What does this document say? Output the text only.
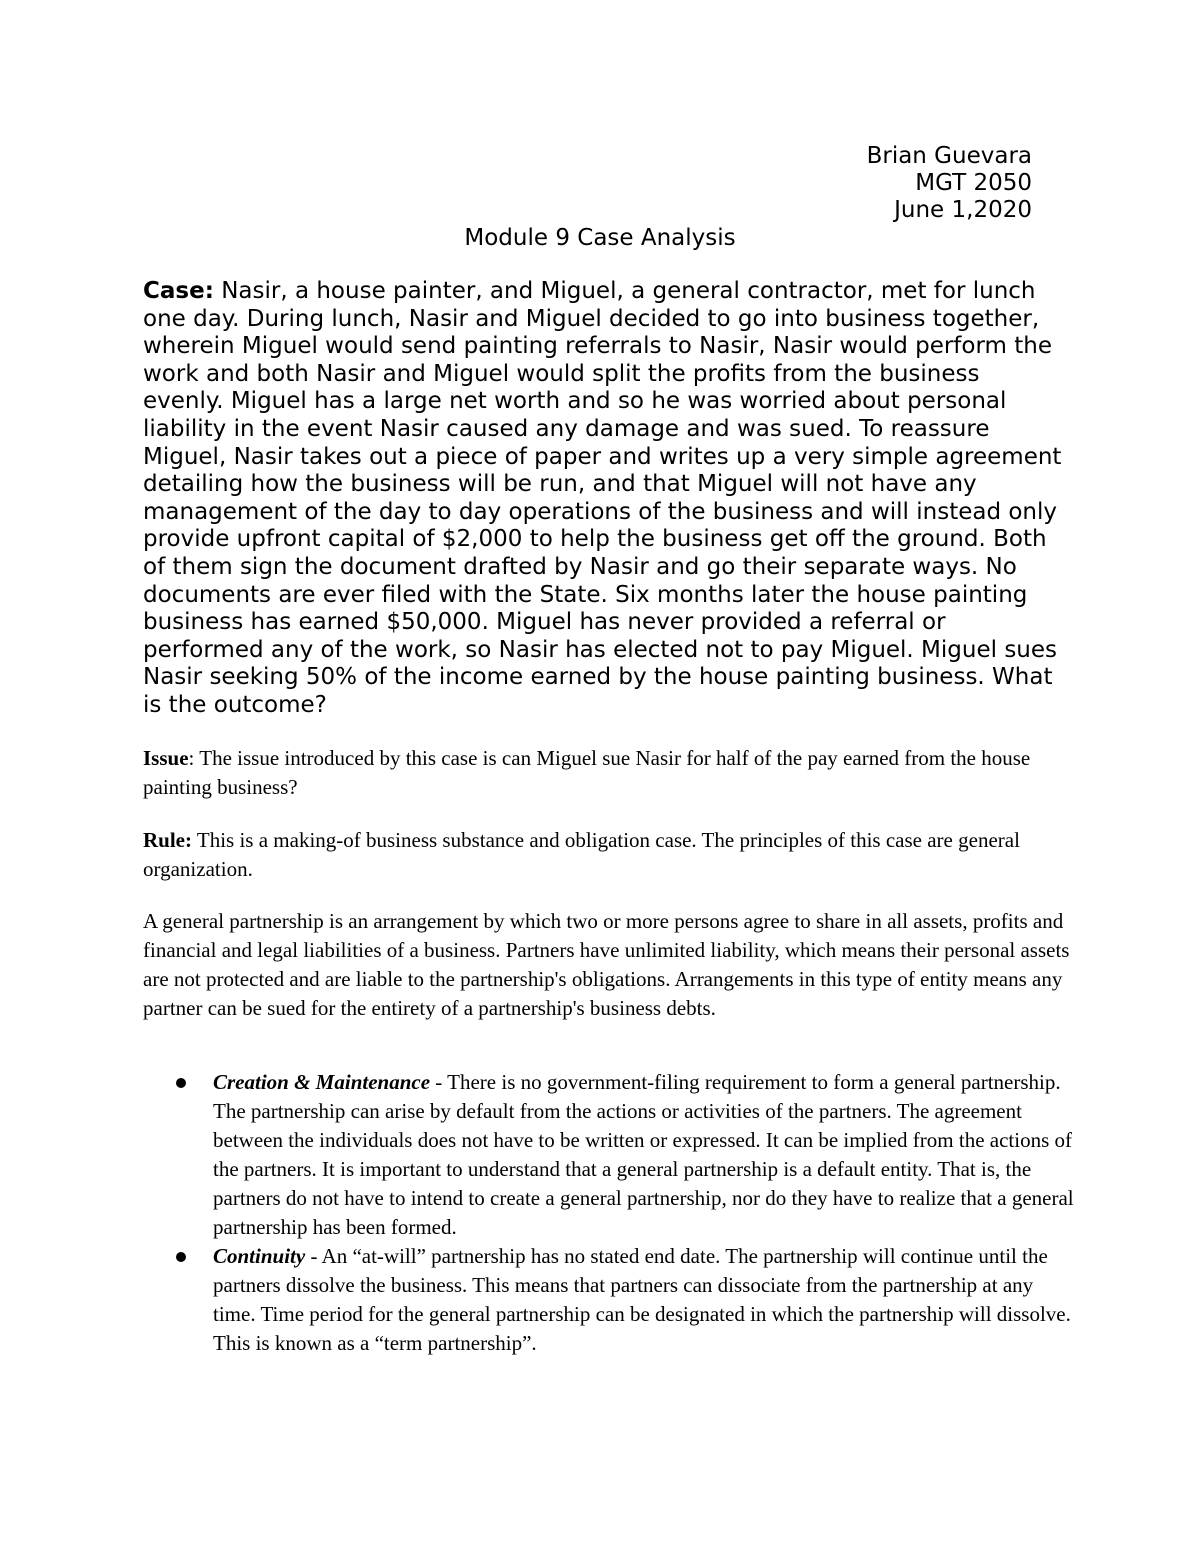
Brian Guevara
MGT 2050
June 1,2020
Module 9 Case Analysis
Case: Nasir, a house painter, and Miguel, a general contractor, met for lunch one day. During lunch, Nasir and Miguel decided to go into business together, wherein Miguel would send painting referrals to Nasir, Nasir would perform the work and both Nasir and Miguel would split the profits from the business evenly. Miguel has a large net worth and so he was worried about personal liability in the event Nasir caused any damage and was sued. To reassure Miguel, Nasir takes out a piece of paper and writes up a very simple agreement detailing how the business will be run, and that Miguel will not have any management of the day to day operations of the business and will instead only provide upfront capital of $2,000 to help the business get off the ground. Both of them sign the document drafted by Nasir and go their separate ways. No documents are ever filed with the State. Six months later the house painting business has earned $50,000. Miguel has never provided a referral or performed any of the work, so Nasir has elected not to pay Miguel. Miguel sues Nasir seeking 50% of the income earned by the house painting business. What is the outcome?
Issue: The issue introduced by this case is can Miguel sue Nasir for half of the pay earned from the house painting business?
Rule: This is a making-of business substance and obligation case. The principles of this case are general organization.
A general partnership is an arrangement by which two or more persons agree to share in all assets, profits and financial and legal liabilities of a business. Partners have unlimited liability, which means their personal assets are not protected and are liable to the partnership's obligations. Arrangements in this type of entity means any partner can be sued for the entirety of a partnership's business debts.
Creation & Maintenance - There is no government-filing requirement to form a general partnership. The partnership can arise by default from the actions or activities of the partners. The agreement between the individuals does not have to be written or expressed. It can be implied from the actions of the partners. It is important to understand that a general partnership is a default entity. That is, the partners do not have to intend to create a general partnership, nor do they have to realize that a general partnership has been formed.
Continuity - An “at-will” partnership has no stated end date. The partnership will continue until the partners dissolve the business. This means that partners can dissociate from the partnership at any time. Time period for the general partnership can be designated in which the partnership will dissolve. This is known as a “term partnership”.
